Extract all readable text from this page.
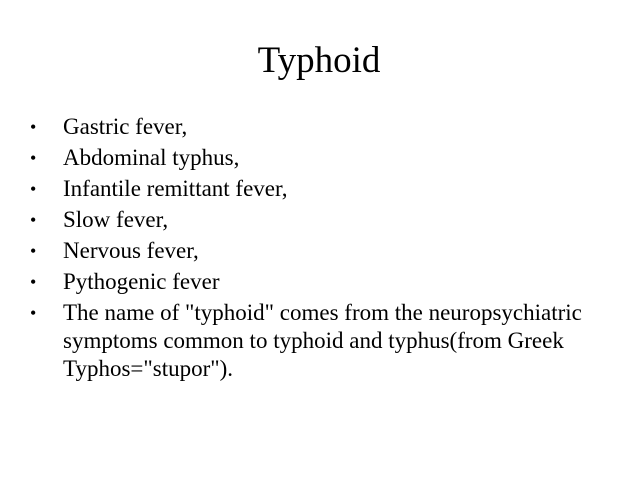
Typhoid
•	Gastric fever,
•	Abdominal typhus,
•	Infantile remittant fever,
•	Slow fever,
•	Nervous fever,
•	Pythogenic fever
•	The name of "typhoid" comes from the neuropsychiatric symptoms common to typhoid and typhus(from Greek Typhos="stupor").
